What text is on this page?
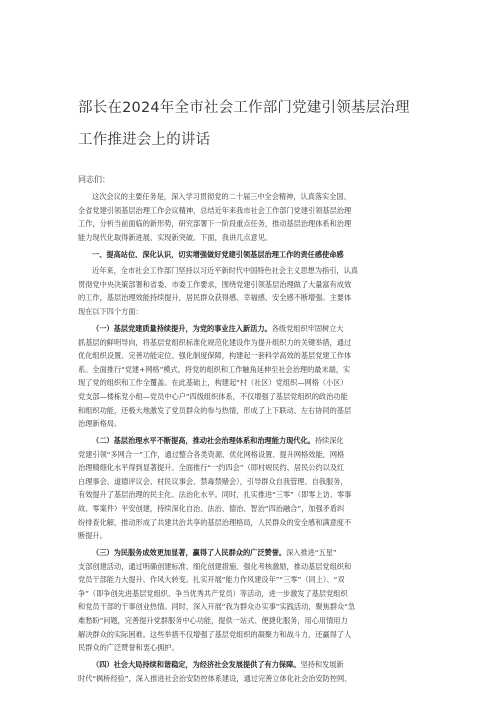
部长在2024年全市社会工作部门党建引领基层治理
工作推进会上的讲话
同志们：

这次会议的主要任务是，深入学习贯彻党的二十届三中全会精神，认真落实全国、
全省党建引领基层治理工作会议精神，总结近年来我市社会工作部门党建引领基层治理
工作，分析当前面临的新形势，研究部署下一阶段重点任务，推动基层治理体系和治理
能力现代化取得新进展、实现新突破。下面，我讲几点意见。

一、提高站位、深化认识，切实增强做好党建引领基层治理工作的责任感使命感

近年来，全市社会工作部门坚持以习近平新时代中国特色社会主义思想为指引，认真
贯彻党中央决策部署和省委、市委工作要求，围绕党建引领基层治理做了大量富有成效
的工作，基层治理效能持续提升，居民群众获得感、幸福感、安全感不断增强。主要体
现在以下四个方面：

（一）基层党建质量持续提升，为党的事业注入新活力。各级党组织牢固树立大
抓基层的鲜明导向，将基层党组织标准化规范化建设作为提升组织力的关键举措，通过
优化组织设置、完善功能定位、强化制度保障，构建起一套科学高效的基层党建工作体
系。全面推行“党建+网格”模式，将党的组织和工作触角延伸至社会治理的最末端，实
现了党的组织和工作全覆盖。在此基础上，构建起“村（社区）党组织—网格（小区）
党支部—楼栋党小组—党员中心户”四级组织体系，不仅增强了基层党组织的政治功能
和组织功能，还极大地激发了党员群众的参与热情，形成了上下联动、左右协同的基层
治理新格局。

（二）基层治理水平不断提高，推动社会治理体系和治理能力现代化。持续深化
党建引领“多网合一”工作，通过整合各类资源、优化网格设置、提升网格效能，网格
治理精细化水平得到显著提升。全面推行“一约四会”（即村规民约、居民公约以及红
白理事会、道德评议会、村民议事会、禁毒禁赌会），引导群众自我管理、自我服务，
有效提升了基层治理的民主化、法治化水平。同时，扎实推进“三零”（即零上访、零事
故、零案件）平安创建，持续深化自治、法治、德治、智治“四治融合”，加强矛盾纠
纷排查化解，推动形成了共建共治共享的基层治理格局，人民群众的安全感和满意度不
断提升。

（三）为民服务成效更加显著，赢得了人民群众的广泛赞誉。深入推进“五星”
支部创建活动，通过明确创建标准、细化创建措施、强化考核激励，推动基层党组织和
党员干部能力大提升、作风大转变。扎实开展“能力作风建设年”“三零”（同上）、“双
争”（即争创先进基层党组织、争当优秀共产党员）等活动，进一步激发了基层党组织
和党员干部的干事创业热情。同时，深入开展“我为群众办实事”实践活动，聚焦群众“急
难愁盼”问题，完善提升党群服务中心功能，提供一站式、便捷化服务，用心用情用力
解决群众的实际困难。这些举措不仅增强了基层党组织的凝聚力和战斗力，还赢得了人
民群众的广泛赞誉和衷心拥护。

（四）社会大局持续和谐稳定，为经济社会发展提供了有力保障。坚持和发展新
时代“枫桥经验”，深入推进社会治安防控体系建设，通过完善立体化社会治安防控网、
